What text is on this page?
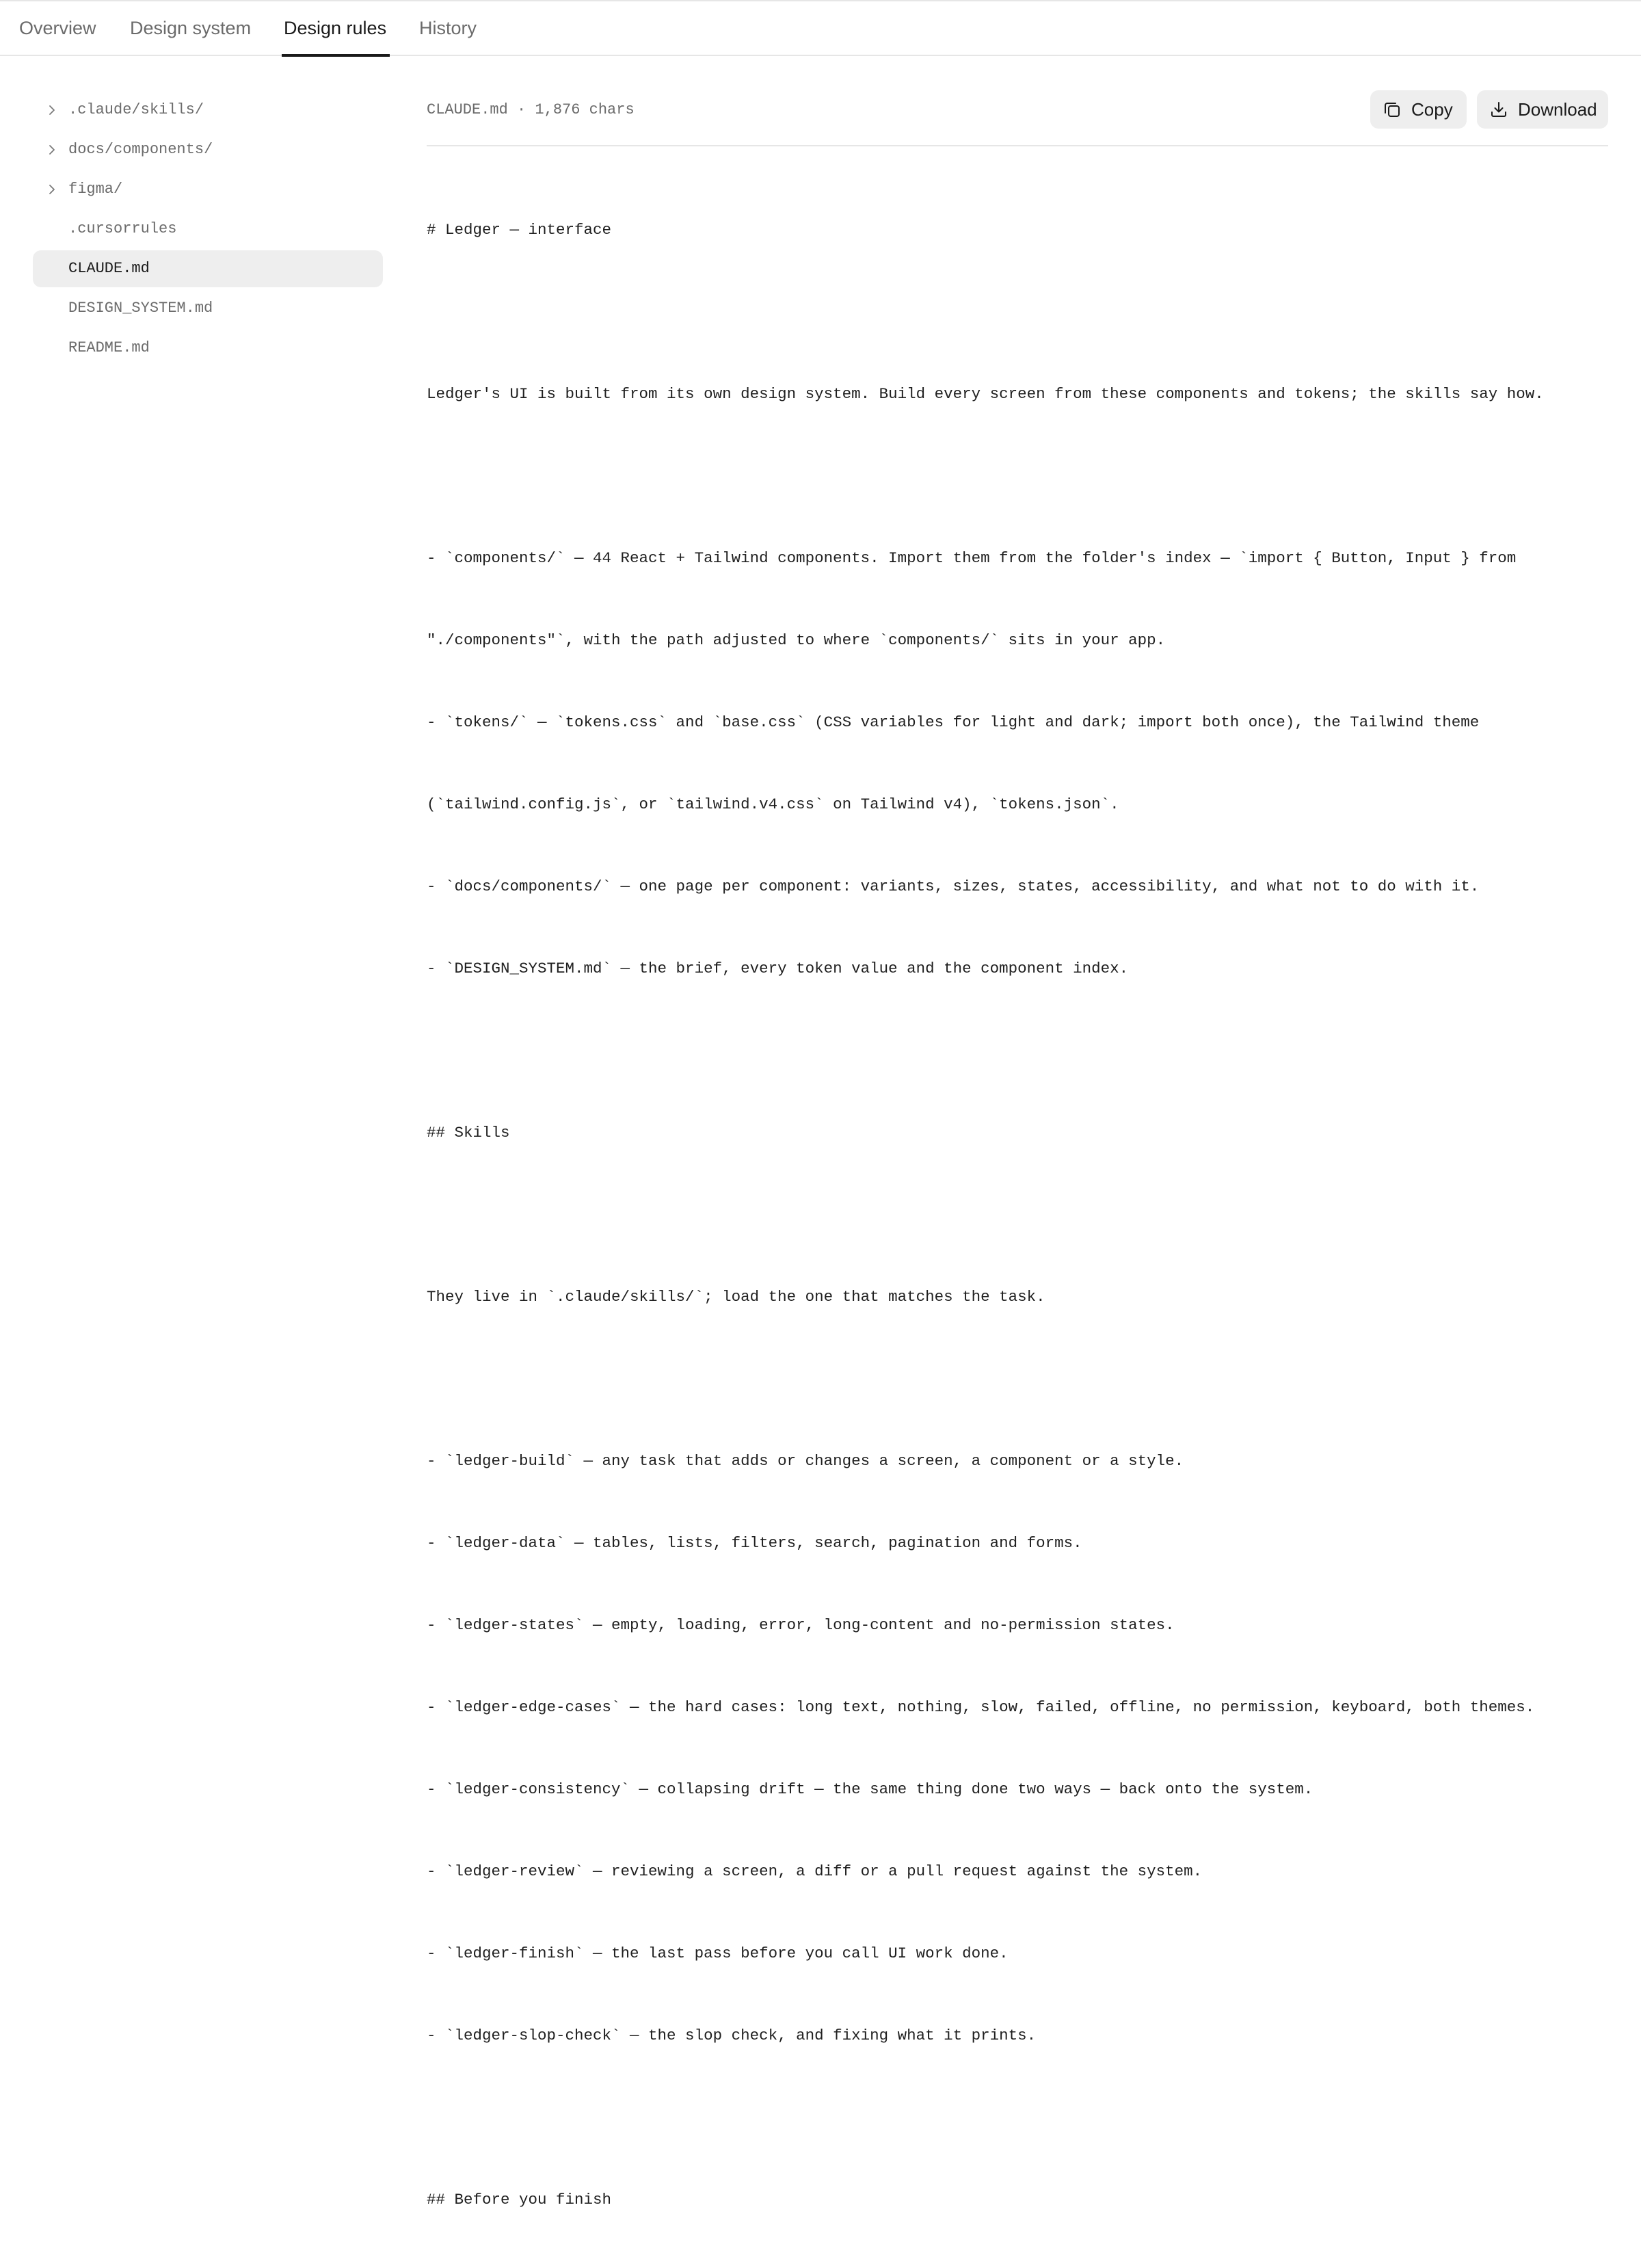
Overview Design system Design rules History
.claude/skills/
docs/components/
figma/
.cursorrules
CLAUDE.md
DESIGN_SYSTEM.md
README.md
CLAUDE.md · 1,876 chars	Copy	Download

# Ledger — interface

Ledger's UI is built from its own design system. Build every screen from these components and tokens; the skills say how.

- `components/` — 44 React + Tailwind components. Import them from the folder's index — `import { Button, Input } from

"./components"`, with the path adjusted to where `components/` sits in your app.

- `tokens/` — `tokens.css` and `base.css` (CSS variables for light and dark; import both once), the Tailwind theme

(`tailwind.config.js`, or `tailwind.v4.css` on Tailwind v4), `tokens.json`.

- `docs/components/` — one page per component: variants, sizes, states, accessibility, and what not to do with it.

- `DESIGN_SYSTEM.md` — the brief, every token value and the component index.

## Skills

They live in `.claude/skills/`; load the one that matches the task.

- `ledger-build` — any task that adds or changes a screen, a component or a style.

- `ledger-data` — tables, lists, filters, search, pagination and forms.

- `ledger-states` — empty, loading, error, long-content and no-permission states.

- `ledger-edge-cases` — the hard cases: long text, nothing, slow, failed, offline, no permission, keyboard, both themes.

- `ledger-consistency` — collapsing drift — the same thing done two ways — back onto the system.

- `ledger-review` — reviewing a screen, a diff or a pull request against the system.

- `ledger-finish` — the last pass before you call UI work done.

- `ledger-slop-check` — the slop check, and fixing what it prints.

## Before you finish
